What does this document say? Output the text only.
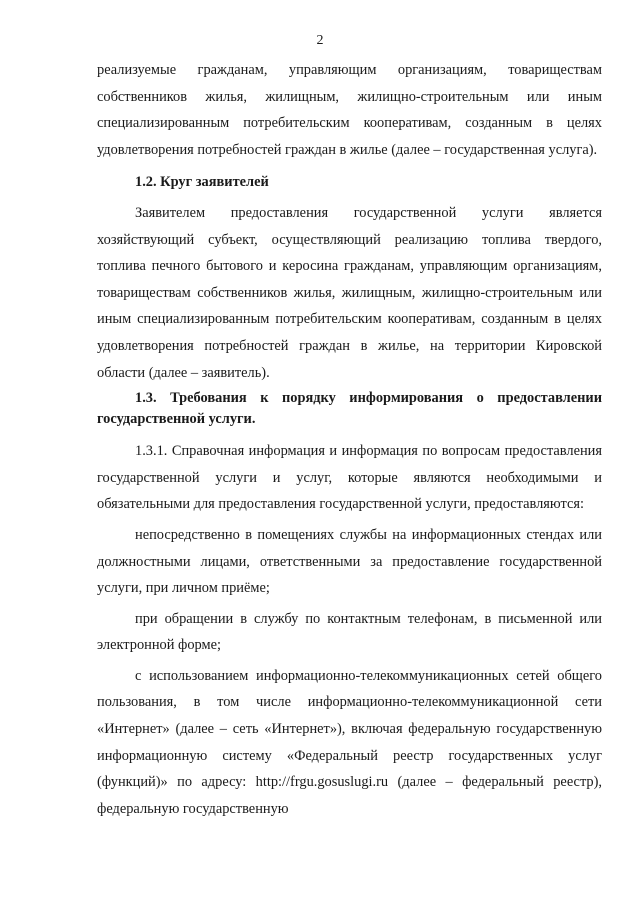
2

реализуемые гражданам, управляющим организациям, товариществам собственников жилья, жилищным, жилищно-строительным или иным специализированным потребительским кооперативам, созданным в целях удовлетворения потребностей граждан в жилье (далее – государственная услуга).

1.2. Круг заявителей

Заявителем предоставления государственной услуги является хозяйствующий субъект, осуществляющий реализацию топлива твердого, топлива печного бытового и керосина гражданам, управляющим организациям, товариществам собственников жилья, жилищным, жилищно-строительным или иным специализированным потребительским кооперативам, созданным в целях удовлетворения потребностей граждан в жилье, на территории Кировской области (далее – заявитель).

1.3. Требования к порядку информирования о предоставлении государственной услуги.

1.3.1. Справочная информация и информация по вопросам предоставления государственной услуги и услуг, которые являются необходимыми и обязательными для предоставления государственной услуги, предоставляются:

непосредственно в помещениях службы на информационных стендах или должностными лицами, ответственными за предоставление государственной услуги, при личном приёме;

при обращении в службу по контактным телефонам, в письменной или электронной форме;

с использованием информационно-телекоммуникационных сетей общего пользования, в том числе информационно-телекоммуникационной сети «Интернет» (далее – сеть «Интернет»), включая федеральную государственную информационную систему «Федеральный реестр государственных услуг (функций)» по адресу: http://frgu.gosuslugi.ru (далее – федеральный реестр), федеральную государственную
